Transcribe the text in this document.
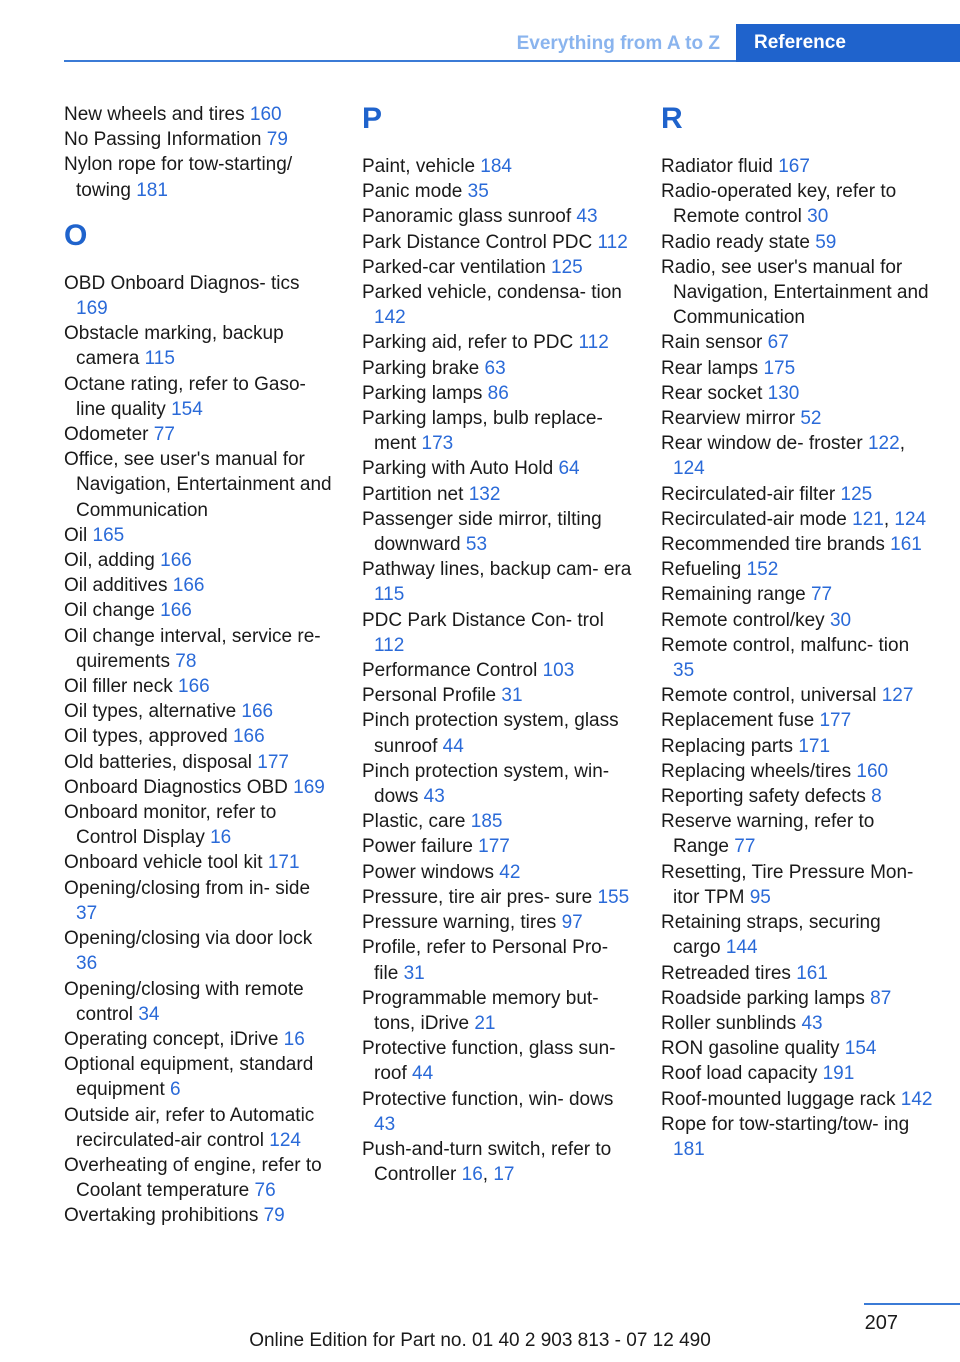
Everything from A to Z	Reference
New wheels and tires 160
No Passing Information 79
Nylon rope for tow-starting/ towing 181
O
OBD Onboard Diagnos- tics 169
Obstacle marking, backup camera 115
Octane rating, refer to Gaso- line quality 154
Odometer 77
Office, see user's manual for Navigation, Entertainment and Communication
Oil 165
Oil, adding 166
Oil additives 166
Oil change 166
Oil change interval, service re- quirements 78
Oil filler neck 166
Oil types, alternative 166
Oil types, approved 166
Old batteries, disposal 177
Onboard Diagnostics OBD 169
Onboard monitor, refer to Control Display 16
Onboard vehicle tool kit 171
Opening/closing from in- side 37
Opening/closing via door lock 36
Opening/closing with remote control 34
Operating concept, iDrive 16
Optional equipment, standard equipment 6
Outside air, refer to Automatic recirculated-air control 124
Overheating of engine, refer to Coolant temperature 76
Overtaking prohibitions 79
P
Paint, vehicle 184
Panic mode 35
Panoramic glass sunroof 43
Park Distance Control PDC 112
Parked-car ventilation 125
Parked vehicle, condensa- tion 142
Parking aid, refer to PDC 112
Parking brake 63
Parking lamps 86
Parking lamps, bulb replace- ment 173
Parking with Auto Hold 64
Partition net 132
Passenger side mirror, tilting downward 53
Pathway lines, backup cam- era 115
PDC Park Distance Con- trol 112
Performance Control 103
Personal Profile 31
Pinch protection system, glass sunroof 44
Pinch protection system, win- dows 43
Plastic, care 185
Power failure 177
Power windows 42
Pressure, tire air pres- sure 155
Pressure warning, tires 97
Profile, refer to Personal Pro- file 31
Programmable memory but- tons, iDrive 21
Protective function, glass sun- roof 44
Protective function, win- dows 43
Push-and-turn switch, refer to Controller 16, 17
R
Radiator fluid 167
Radio-operated key, refer to Remote control 30
Radio ready state 59
Radio, see user's manual for Navigation, Entertainment and Communication
Rain sensor 67
Rear lamps 175
Rear socket 130
Rearview mirror 52
Rear window de- froster 122, 124
Recirculated-air filter 125
Recirculated-air mode 121, 124
Recommended tire brands 161
Refueling 152
Remaining range 77
Remote control/key 30
Remote control, malfunc- tion 35
Remote control, universal 127
Replacement fuse 177
Replacing parts 171
Replacing wheels/tires 160
Reporting safety defects 8
Reserve warning, refer to Range 77
Resetting, Tire Pressure Mon- itor TPM 95
Retaining straps, securing cargo 144
Retreaded tires 161
Roadside parking lamps 87
Roller sunblinds 43
RON gasoline quality 154
Roof load capacity 191
Roof-mounted luggage rack 142
Rope for tow-starting/tow- ing 181
207
Online Edition for Part no. 01 40 2 903 813 - 07 12 490
